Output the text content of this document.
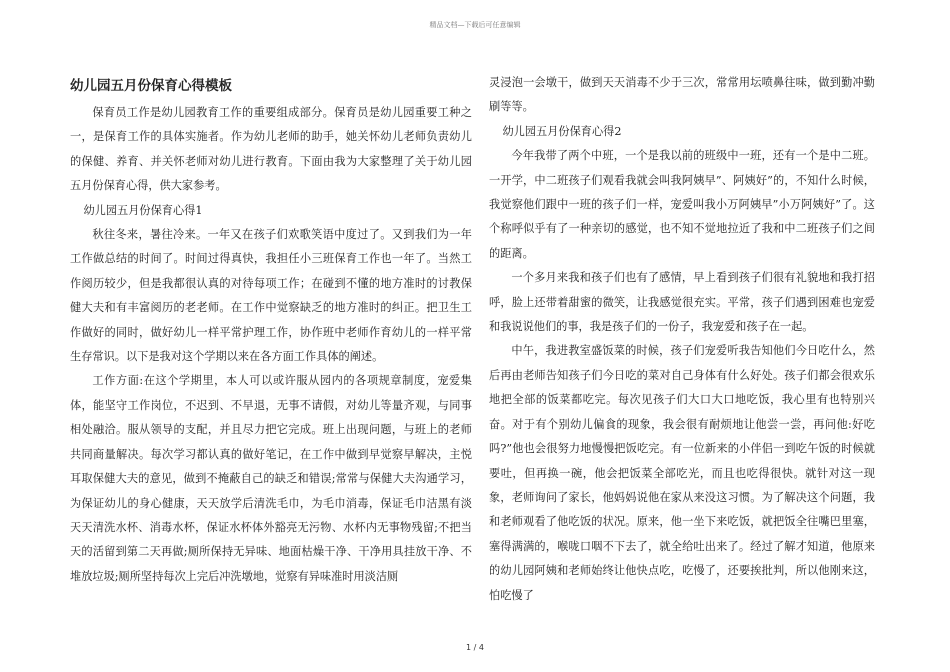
精品文档—下载后可任意编辑
幼儿园五月份保育心得模板

保育员工作是幼儿园教育工作的重要组成部分。保育员是幼儿园重要工种之一，是保育工作的具体实施者。作为幼儿老师的助手，她关怀幼儿老师负责幼儿的保健、养育、并关怀老师对幼儿进行教育。下面由我为大家整理了关于幼儿园五月份保育心得，供大家参考。

幼儿园五月份保育心得1

秋往冬来，暑往冷来。一年又在孩子们欢歌笑语中度过了。又到我们为一年工作做总结的时间了。时间过得真快，我担任小三班保育工作也一年了。当然工作阅历较少，但是我都很认真的对待每项工作；在碰到不懂的地方准时的讨教保健大夫和有丰富阅历的老老师。在工作中觉察缺乏的地方准时的纠正。把卫生工作做好的同时，做好幼儿一样平常护理工作，协作班中老师作育幼儿的一样平常生存常识。以下是我对这个学期以来在各方面工作具体的阐述。

工作方面:在这个学期里，本人可以或许服从园内的各项规章制度，宠爱集体，能坚守工作岗位，不迟到、不早退，无事不请假，对幼儿等量齐观，与同事相处融洽。服从领导的支配，并且尽力把它完成。班上出现问题，与班上的老师共同商量解决。每次学习都认真的做好笔记，在工作中做到早觉察早解决，主悦耳取保健大夫的意见，做到不掩蔽自己的缺乏和错误;常常与保健大夫沟通学习，为保证幼儿的身心健康，天天放学后清洗毛巾，为毛巾消毒，保证毛巾洁黑有淡天天清洗水杯、消毒水杯，保证水杯体外豁亮无污物、水杯内无事物残留;不把当天的活留到第二天再做;厕所保持无异味、地面枯燥干净、干净用具挂放干净、不堆放垃圾;厕所坚持每次上完后冲洗墩地，觉察有异味准时用淡洁厕

灵浸泡一会墩干，做到天天消毒不少于三次，常常用坛喷鼻往味，做到勤冲勤刷等等。

幼儿园五月份保育心得2

今年我带了两个中班，一个是我以前的班级中一班，还有一个是中二班。一开学，中二班孩子们观看我就会叫我阿姨早”、阿姨好”的，不知什么时候，我觉察他们跟中一班的孩子们一样，宠爱叫我小万阿姨早”小万阿姨好”了。这个称呼似乎有了一种亲切的感觉，也不知不觉地拉近了我和中二班孩子们之间的距离。

一个多月来我和孩子们也有了感情，早上看到孩子们很有礼貌地和我打招呼，脸上还带着甜蜜的微笑，让我感觉很充实。平常，孩子们遇到困难也宠爱和我说说他们的事，我是孩子们的一份子，我宠爱和孩子在一起。

中午，我进教室盛饭菜的时候，孩子们宠爱听我告知他们今日吃什么，然后再由老师告知孩子们今日吃的菜对自己身体有什么好处。孩子们都会很欢乐地把全部的饭菜都吃完。每次见孩子们大口大口地吃饭，我心里有也特别兴奋。对于有个别幼儿偏食的现象，我会很有耐烦地让他尝一尝，再问他:好吃吗?”他也会很努力地慢慢把饭吃完。有一位新来的小伴侣一到吃午饭的时候就要吐，但再换一碗，他会把饭菜全部吃光，而且也吃得很快。就针对这一现象，老师询问了家长，他妈妈说他在家从来没这习惯。为了解决这个问题，我和老师观看了他吃饭的状况。原来，他一坐下来吃饭，就把饭全往嘴巴里塞，塞得满满的，喉咙口咽不下去了，就全给吐出来了。经过了解才知道，他原来的幼儿园阿姨和老师始终让他快点吃，吃慢了，还要挨批判，所以他刚来这，怕吃慢了

1 / 4
